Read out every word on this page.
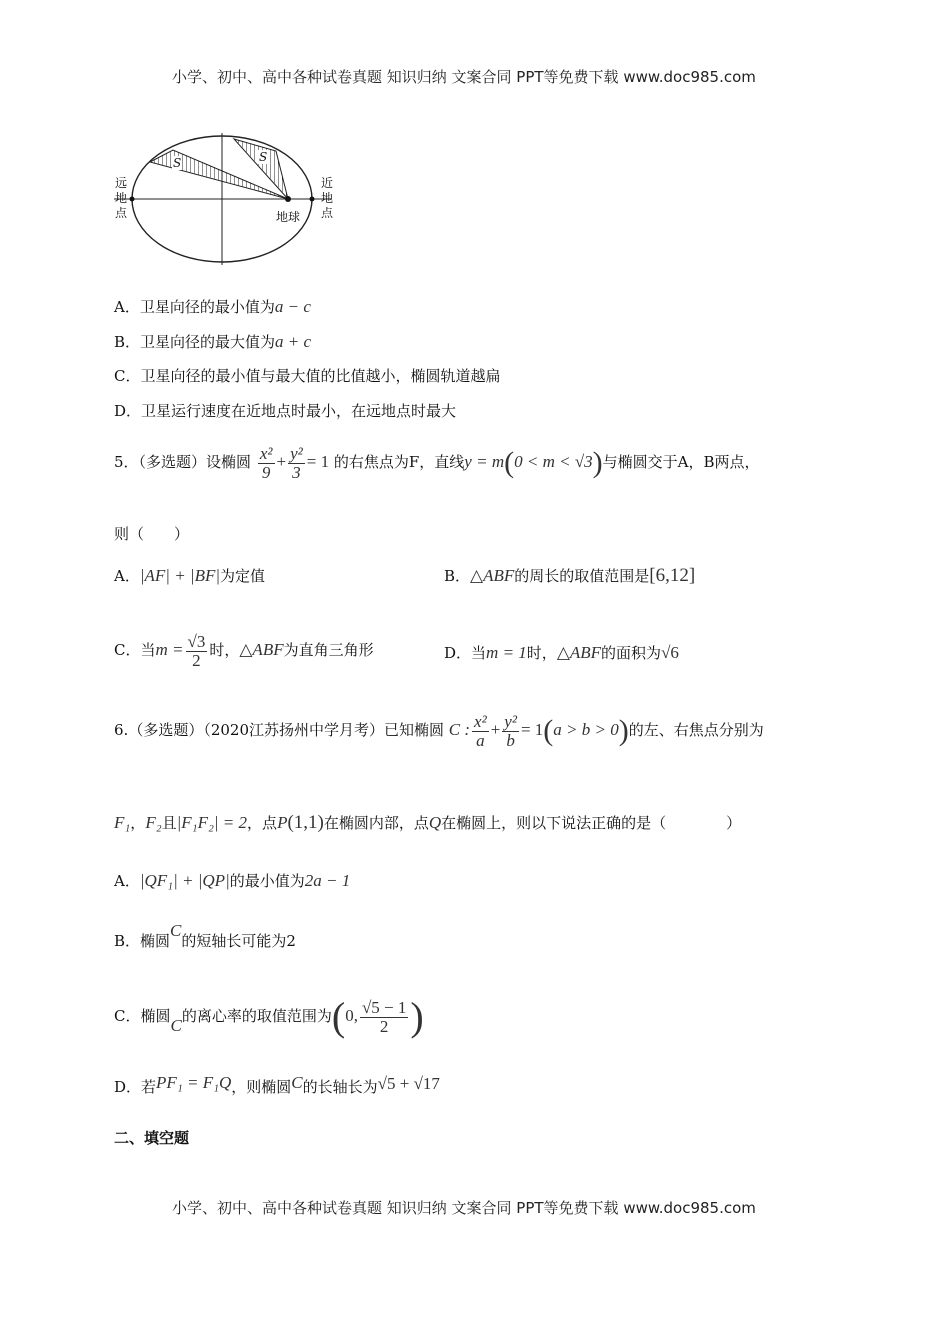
小学、初中、高中各种试卷真题 知识归纳 文案合同 PPT等免费下载 www.doc985.com
S	S
地球
远
地
点
近
地
点
A．卫星向径的最小值为a − c
B．卫星向径的最大值为a + c
C．卫星向径的最小值与最大值的比值越小，椭圆轨道越扁
D．卫星运行速度在近地点时最小，在远地点时最大
5．（多选题）设椭圆 $\frac{\text{x²}}{9} + \frac{\text{y²}}{3} = 1$ 的右焦点为F，直线y = m(0 < m < √3)与椭圆交于A，B两点，
则（　　）
A．|AF| + |BF|为定值	B．△ABF的周长的取值范围是[6,12]
C．当$m = \frac{√3}{2}$ 时，△ABF为直角三角形	D．当m = 1时，△ABF的面积为√6
6.（多选题）（2020江苏扬州中学月考）已知椭圆 C : $\frac{\text{x²}}{a} + \frac{\text{y²}}{b} = 1(a > b > 0)$的左、右焦点分别为
F₁，F₂且|F₁F₂| = 2，点P(1,1)在椭圆内部，点Q在椭圆上，则以下说法正确的是（　　　　）
A．|QF₁| + |QP|的最小值为2a − 1
B．椭圆C的短轴长可能为2
C．椭圆C的离心率的取值范围为(0, $\frac{√5 - 1}{2}$ )
D．若PF₁ = F₁Q，则椭圆C的长轴长为√5 + √17
二、填空题
小学、初中、高中各种试卷真题 知识归纳 文案合同 PPT等免费下载 www.doc985.com
